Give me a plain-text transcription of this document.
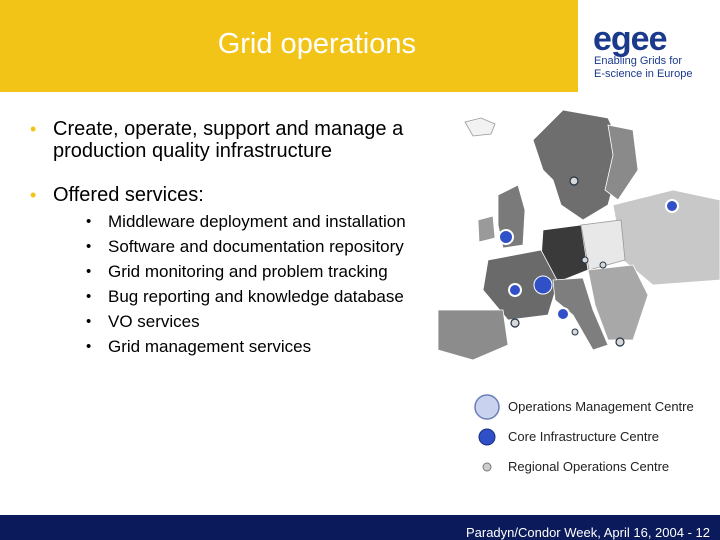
Grid operations	egee
Enabling Grids for
E-science in Europe
• Create, operate, support and manage a production quality infrastructure
• Offered services:
• Middleware deployment and installation
• Software and documentation repository
• Grid monitoring and problem tracking
• Bug reporting and knowledge database
• VO services
• Grid management services
Operations Management Centre
Core Infrastructure Centre
Regional Operations Centre
Paradyn/Condor Week, April 16, 2004 - 12
